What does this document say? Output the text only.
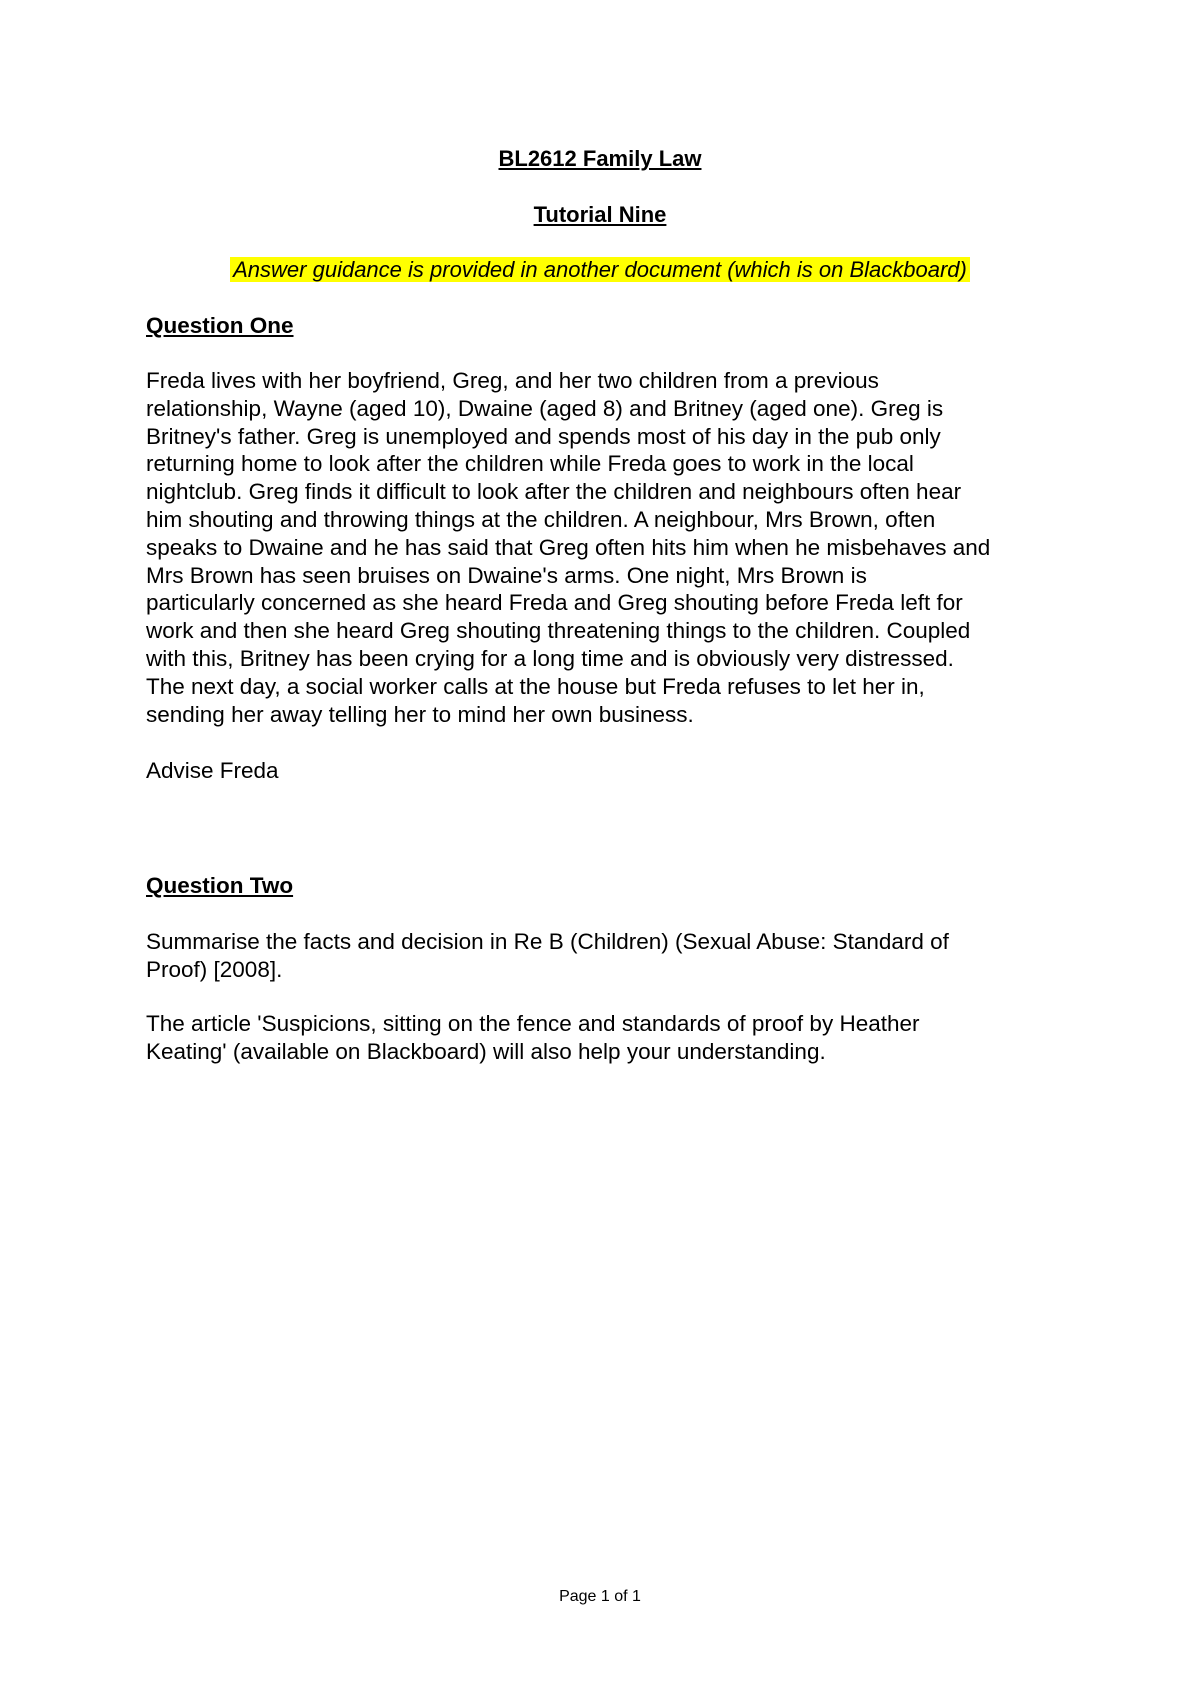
BL2612 Family Law
Tutorial Nine
Answer guidance is provided in another document (which is on Blackboard)
Question One
Freda lives with her boyfriend, Greg, and her two children from a previous
relationship, Wayne (aged 10), Dwaine (aged 8) and Britney (aged one). Greg is
Britney's father. Greg is unemployed and spends most of his day in the pub only
returning home to look after the children while Freda goes to work in the local
nightclub. Greg finds it difficult to look after the children and neighbours often hear
him shouting and throwing things at the children. A neighbour, Mrs Brown, often
speaks to Dwaine and he has said that Greg often hits him when he misbehaves and
Mrs Brown has seen bruises on Dwaine's arms. One night, Mrs Brown is
particularly concerned as she heard Freda and Greg shouting before Freda left for
work and then she heard Greg shouting threatening things to the children. Coupled
with this, Britney has been crying for a long time and is obviously very distressed.
The next day, a social worker calls at the house but Freda refuses to let her in,
sending her away telling her to mind her own business.
Advise Freda
Question Two
Summarise the facts and decision in Re B (Children) (Sexual Abuse: Standard of
Proof) [2008].
The article 'Suspicions, sitting on the fence and standards of proof by Heather
Keating' (available on Blackboard) will also help your understanding.
Page 1 of 1
